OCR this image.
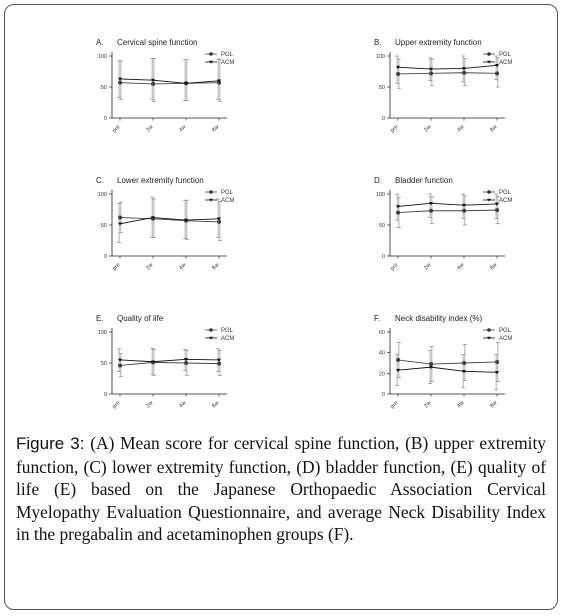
A. Cervical spine function
0
50
100
pre	2w	4w	8w
PGL
ACM
B. Upper extremity function
0
50
100
pre	2w	4w	8w
PGL
ACM
C. Lower extremity function
0
50
100
pre	2w	4w	8w
PGL
ACM
D. Bladder function
0
50
100
pre	2w	4w	8w
PGL
ACM
E. Quality of life
0
50
100
pre	2w	4w	8w
PGL
ACM
F. Neck disability index (%)
0
20
40
60
pre	2w	4w	8w
PGL
ACM
Figure 3: (A) Mean score for cervical spine function, (B) upper extremity function, (C) lower extremity function, (D) bladder function, (E) quality of life (E) based on the Japanese Orthopaedic Association Cervical Myelopathy Evaluation Questionnaire, and average Neck Disability Index in the pregabalin and acetaminophen groups (F).
